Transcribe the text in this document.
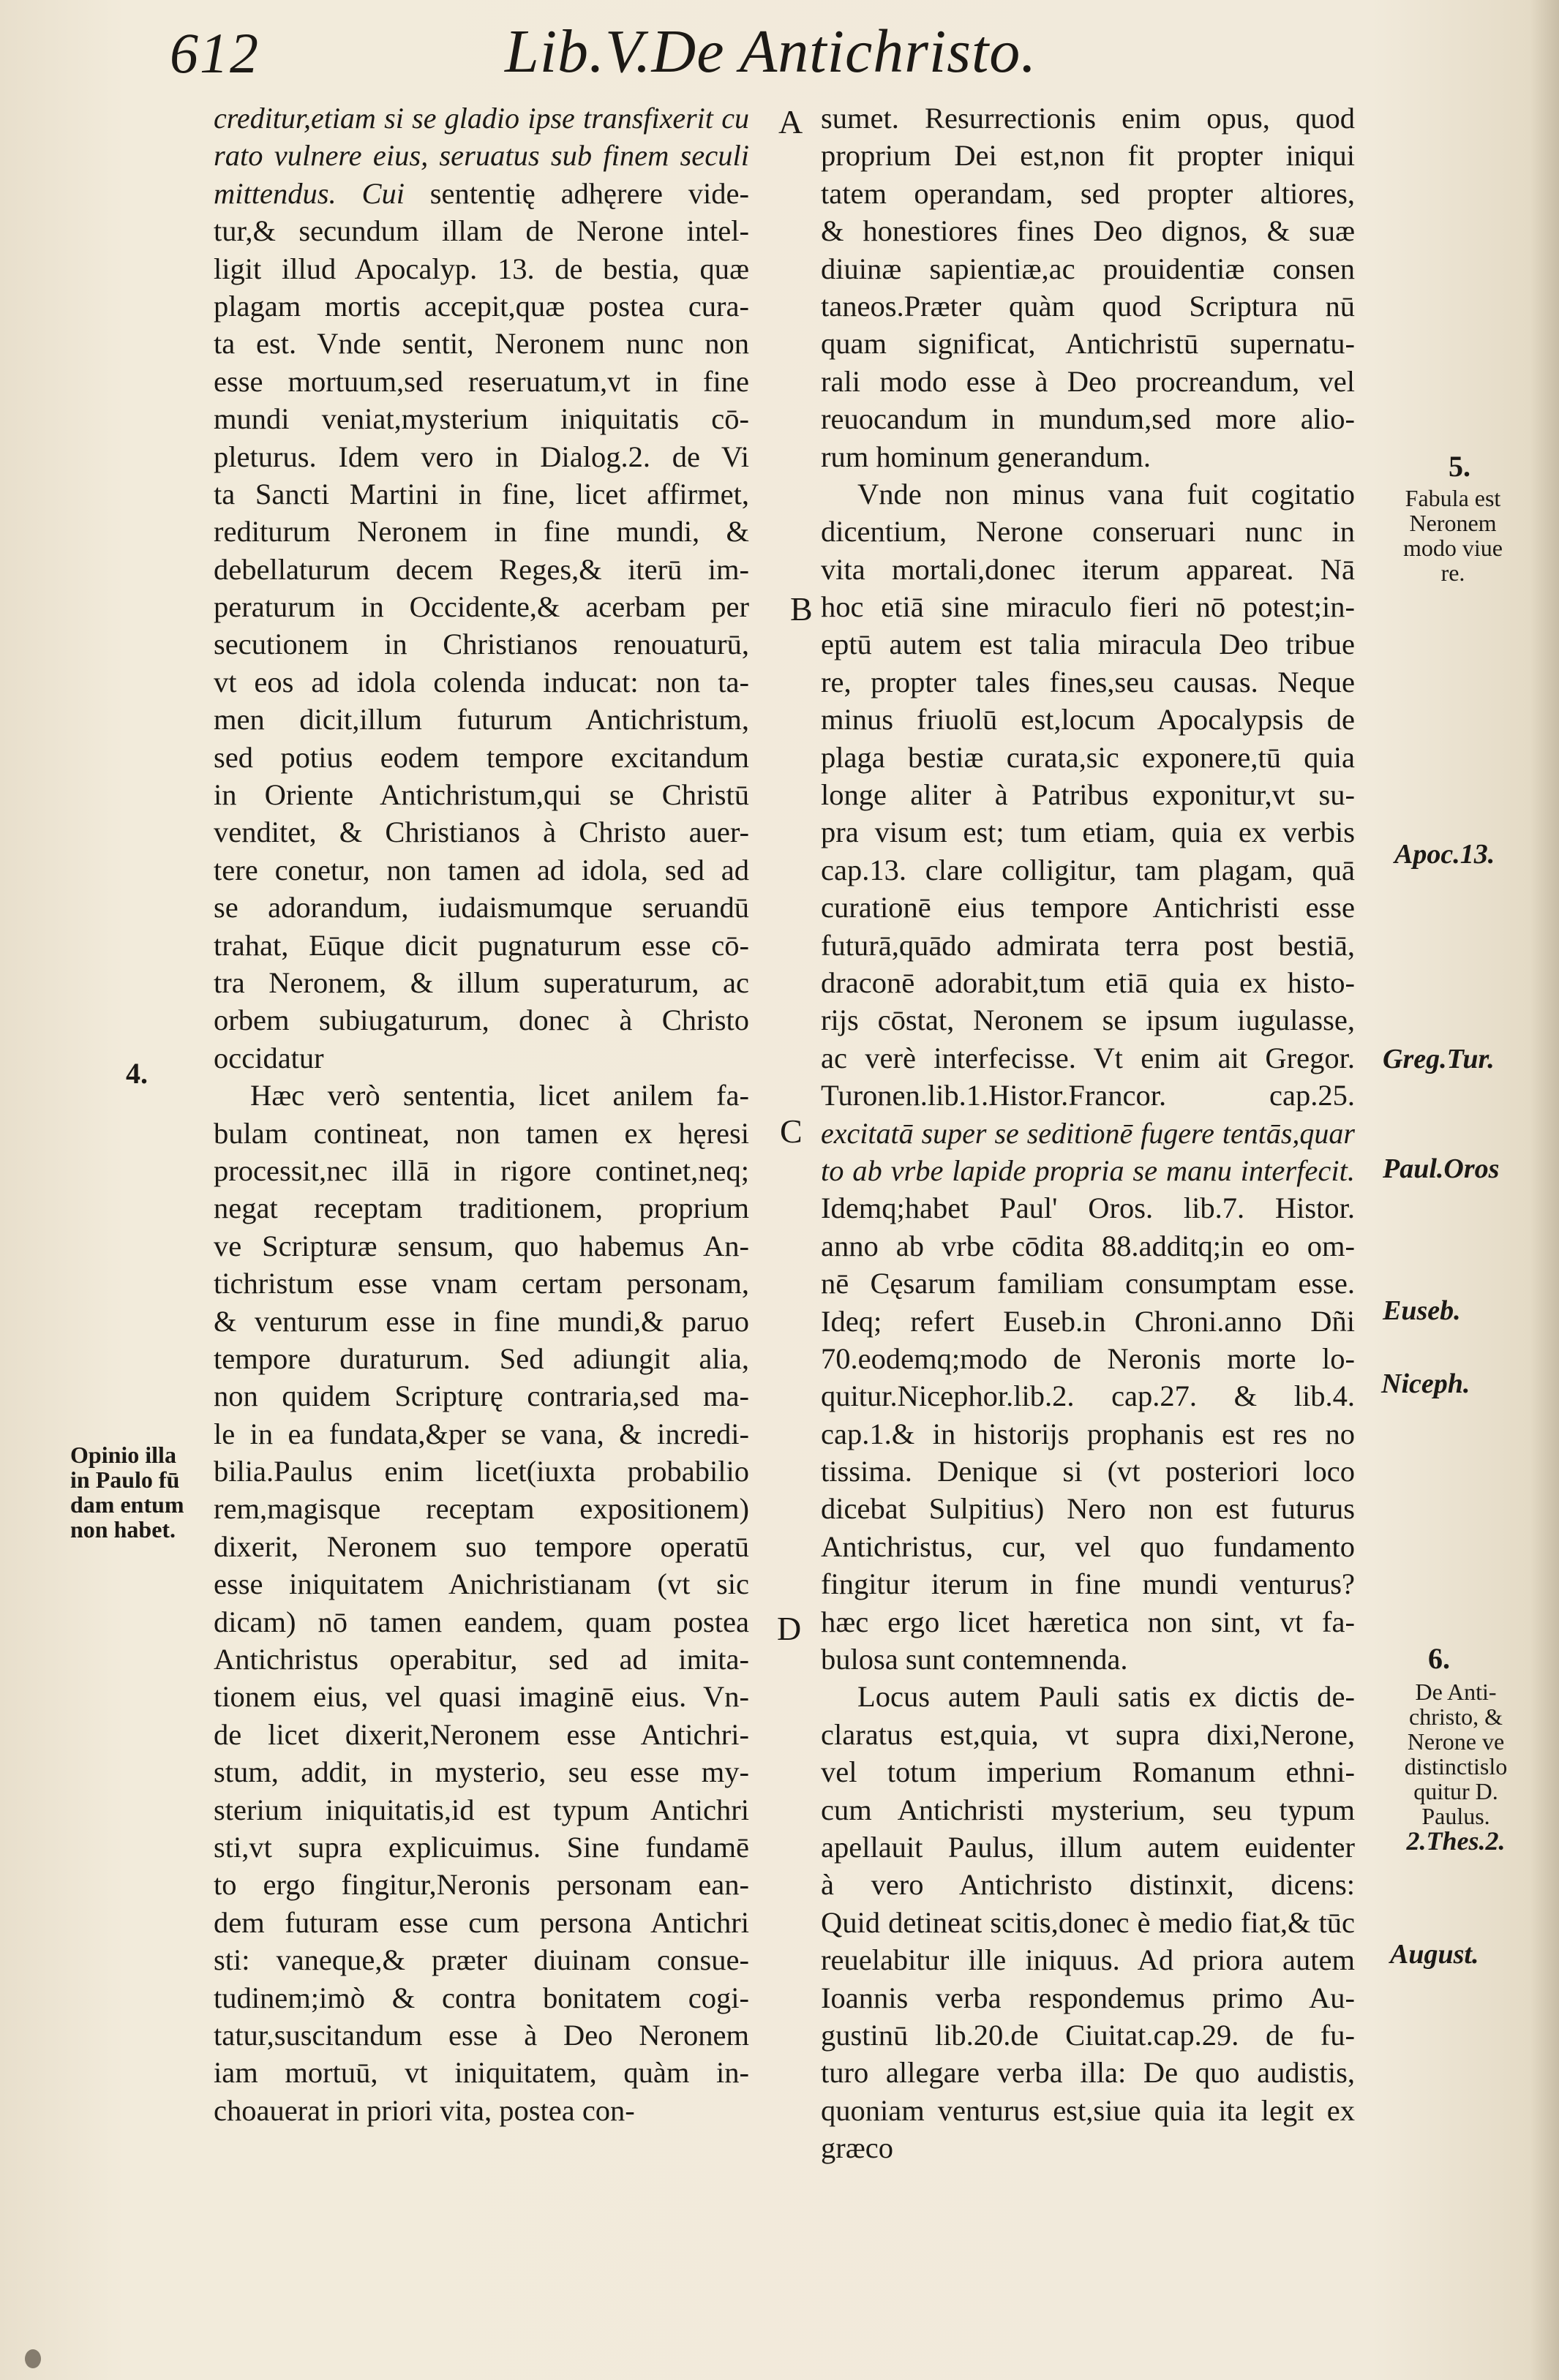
612	Lib.V.De Antichristo.
creditur,etiam si se gladio ipse transfixerit cu
rato vulnere eius, seruatus sub finem seculi
mittendus. Cui sententię adhęrere vide-
tur,& secundum illam de Nerone intel-
ligit illud Apocalyp. 13. de bestia, quæ
plagam mortis accepit,quæ postea cura-
ta est. Vnde sentit, Neronem nunc non
esse mortuum,sed reseruatum,vt in fine
mundi veniat,mysterium iniquitatis cō-
pleturus. Idem vero in Dialog.2. de Vi
ta Sancti Martini in fine, licet affirmet,
rediturum Neronem in fine mundi, &
debellaturum decem Reges,& iterū im-
peraturum in Occidente,& acerbam per
secutionem in Christianos renouaturū,
vt eos ad idola colenda inducat: non ta-
men dicit,illum futurum Antichristum,
sed potius eodem tempore excitandum
in Oriente Antichristum,qui se Christū
venditet, & Christianos à Christo auer-
tere conetur, non tamen ad idola, sed ad
se adorandum, iudaismumque seruandū
trahat, Eūque dicit pugnaturum esse cō-
tra Neronem, & illum superaturum, ac
orbem subiugaturum, donec à Christo
occidatur
Hæc verò sententia, licet anilem fa-
bulam contineat, non tamen ex hęresi
processit,nec illā in rigore continet,neq;
negat receptam traditionem, proprium
ve Scripturæ sensum, quo habemus An-
tichristum esse vnam certam personam,
& venturum esse in fine mundi,& paruo
tempore duraturum. Sed adiungit alia,
non quidem Scripturę contraria,sed ma-
le in ea fundata,&per se vana, & incredi-
bilia.Paulus enim licet(iuxta probabilio
rem,magisque receptam expositionem)
dixerit, Neronem suo tempore operatū
esse iniquitatem Anichristianam (vt sic
dicam) nō tamen eandem, quam postea
Antichristus operabitur, sed ad imita-
tionem eius, vel quasi imaginē eius. Vn-
de licet dixerit,Neronem esse Antichri-
stum, addit, in mysterio, seu esse my-
sterium iniquitatis,id est typum Antichri
sti,vt supra explicuimus. Sine fundamē
to ergo fingitur,Neronis personam ean-
dem futuram esse cum persona Antichri
sti: vaneque,& præter diuinam consue-
tudinem;imò & contra bonitatem cogi-
tatur,suscitandum esse à Deo Neronem
iam mortuū, vt iniquitatem, quàm in-
choauerat in priori vita, postea con-
sumet. Resurrectionis enim opus, quod
proprium Dei est,non fit propter iniqui
tatem operandam, sed propter altiores,
& honestiores fines Deo dignos, & suæ
diuinæ sapientiæ,ac prouidentiæ consen
taneos.Præter quàm quod Scriptura nū
quam significat, Antichristū supernatu-
rali modo esse à Deo procreandum, vel
reuocandum in mundum,sed more alio-
rum hominum generandum.
Vnde non minus vana fuit cogitatio
dicentium, Nerone conseruari nunc in
vita mortali,donec iterum appareat. Nā
hoc etiā sine miraculo fieri nō potest;in-
eptū autem est talia miracula Deo tribue
re, propter tales fines,seu causas. Neque
minus friuolū est,locum Apocalypsis de
plaga bestiæ curata,sic exponere,tū quia
longe aliter à Patribus exponitur,vt su-
pra visum est; tum etiam, quia ex verbis
cap.13. clare colligitur, tam plagam, quā
curationē eius tempore Antichristi esse
futurā,quādo admirata terra post bestiā,
draconē adorabit,tum etiā quia ex histo-
rijs cōstat, Neronem se ipsum iugulasse,
ac verè interfecisse. Vt enim ait Gregor.
Turonen.lib.1.Histor.Francor. cap.25.
excitatā super se seditionē fugere tentās,quar
to ab vrbe lapide propria se manu interfecit.
Idemq;habet Paul' Oros. lib.7. Histor.
anno ab vrbe cōdita 88.additq;in eo om-
nē Cęsarum familiam consumptam esse.
Ideq; refert Euseb.in Chroni.anno Dñi
70.eodemq;modo de Neronis morte lo-
quitur.Nicephor.lib.2. cap.27. & lib.4.
cap.1.& in historijs prophanis est res no
tissima. Denique si (vt posteriori loco
dicebat Sulpitius) Nero non est futurus
Antichristus, cur, vel quo fundamento
fingitur iterum in fine mundi venturus?
hæc ergo licet hæretica non sint, vt fa-
bulosa sunt contemnenda.
Locus autem Pauli satis ex dictis de-
claratus est,quia, vt supra dixi,Nerone,
vel totum imperium Romanum ethni-
cum Antichristi mysterium, seu typum
apellauit Paulus, illum autem euidenter
à vero Antichristo distinxit, dicens:
Quid detineat scitis,donec è medio fiat,& tūc
reuelabitur ille iniquus. Ad priora autem
Ioannis verba respondemus primo Au-
gustinū lib.20.de Ciuitat.cap.29. de fu-
turo allegare verba illa: De quo audistis,
quoniam venturus est,siue quia ita legit ex
græco
A
B
C
D
4.
Opinio illa
in Paulo fū
dam entum
non habet.
5.
Fabula est
Neronem
modo viue
re.
Apoc.13.
Greg.Tur.
Paul.Oros
Euseb.
Niceph.
6.
De Anti-
christo, &
Nerone ve
distinctislo
quitur D.
Paulus.
2.Thes.2.
August.
